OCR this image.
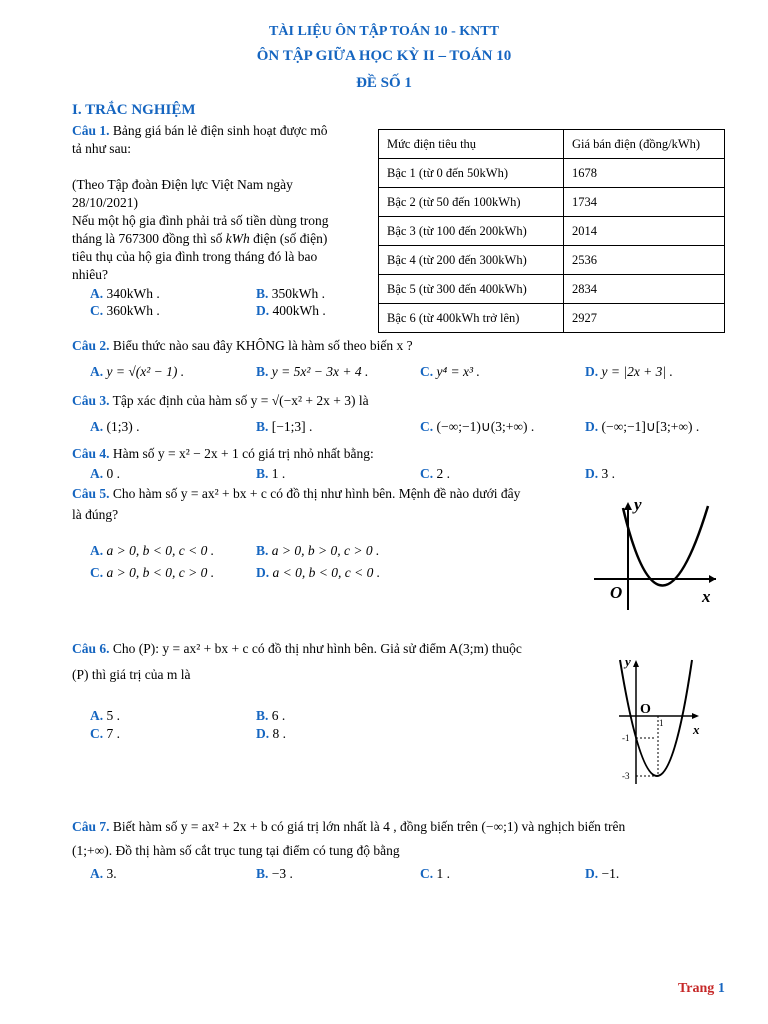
TÀI LIỆU ÔN TẬP TOÁN 10 - KNTT
ÔN TẬP GIỮA HỌC KỲ II – TOÁN 10
ĐỀ SỐ 1
I. TRẮC NGHIỆM
Câu 1. Bảng giá bán lẻ điện sinh hoạt được mô
tả như sau:
(Theo Tập đoàn Điện lực Việt Nam ngày
28/10/2021)
Nếu một hộ gia đình phải trả số tiền dùng trong
tháng là 767300 đồng thì số kWh điện (số điện)
tiêu thụ của hộ gia đình trong tháng đó là bao
nhiêu?
A. 340kWh .	B. 350kWh .
C. 360kWh .	D. 400kWh .
Mức điện tiêu thụ	Giá bán điện (đồng/kWh)
Bậc 1 (từ 0 đến 50kWh)	1678
Bậc 2 (từ 50 đến 100kWh)	1734
Bậc 3 (từ 100 đến 200kWh)	2014
Bậc 4 (từ 200 đến 300kWh)	2536
Bậc 5 (từ 300 đến 400kWh)	2834
Bậc 6 (từ 400kWh trở lên)	2927
Câu 2. Biểu thức nào sau đây KHÔNG là hàm số theo biến x ?
A. y = √(x² − 1) .	B. y = 5x² − 3x + 4 .	C. y⁴ = x³ .	D. y = |2x + 3| .
Câu 3. Tập xác định của hàm số y = √(−x² + 2x + 3) là
A. (1;3) .	B. [−1;3] .	C. (−∞;−1)∪(3;+∞) .	D. (−∞;−1]∪[3;+∞) .
Câu 4. Hàm số y = x² − 2x + 1 có giá trị nhỏ nhất bằng:
A. 0 .	B. 1 .	C. 2 .	D. 3 .
Câu 5. Cho hàm số y = ax² + bx + c có đồ thị như hình bên. Mệnh đề nào dưới đây
là đúng?
A. a > 0, b < 0, c < 0 .	B. a > 0, b > 0, c > 0 .
C. a > 0, b < 0, c > 0 .	D. a < 0, b < 0, c < 0 .
y
O	x
Câu 6. Cho (P): y = ax² + bx + c có đồ thị như hình bên. Giả sử điểm A(3;m) thuộc
(P) thì giá trị của m là
A. 5 .	B. 6 .
C. 7 .	D. 8 .
y
O
x
1
-1
-3
Câu 7. Biết hàm số y = ax² + 2x + b có giá trị lớn nhất là 4 , đồng biến trên (−∞;1) và nghịch biến trên
(1;+∞). Đồ thị hàm số cắt trục tung tại điểm có tung độ bằng
A. 3.	B. −3 .	C. 1 .	D. −1.
Trang 1
